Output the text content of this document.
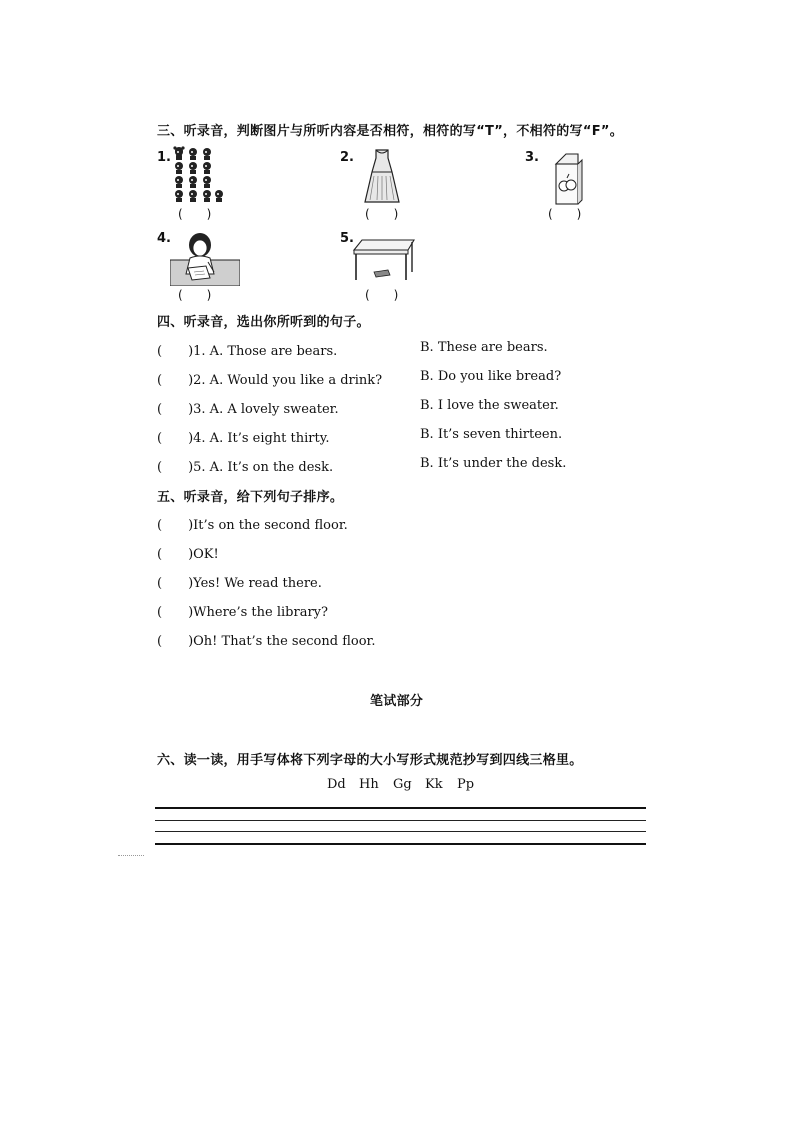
三、听录音，判断图片与所听内容是否相符，相符的写“T”，不相符的写“F”。
1.
(　　)
2.
(　　)
3.
(　　)
4.
(　　)
5.
(　　)
四、听录音，选出你所听到的句子。
(　　)1. A. Those are bears.	B. These are bears.
(　　)2. A. Would you like a drink?	B. Do you like bread?
(　　)3. A. A lovely sweater.	B. I love the sweater.
(　　)4. A. It’s eight thirty.	B. It’s seven thirteen.
(　　)5. A. It’s on the desk.	B. It’s under the desk.
五、听录音，给下列句子排序。
(　　)It’s on the second floor.
(　　)OK!
(　　)Yes! We read there.
(　　)Where’s the library?
(　　)Oh! That’s the second floor.
笔试部分
六、读一读，用手写体将下列字母的大小写形式规范抄写到四线三格里。
Dd Hh Gg Kk Pp
